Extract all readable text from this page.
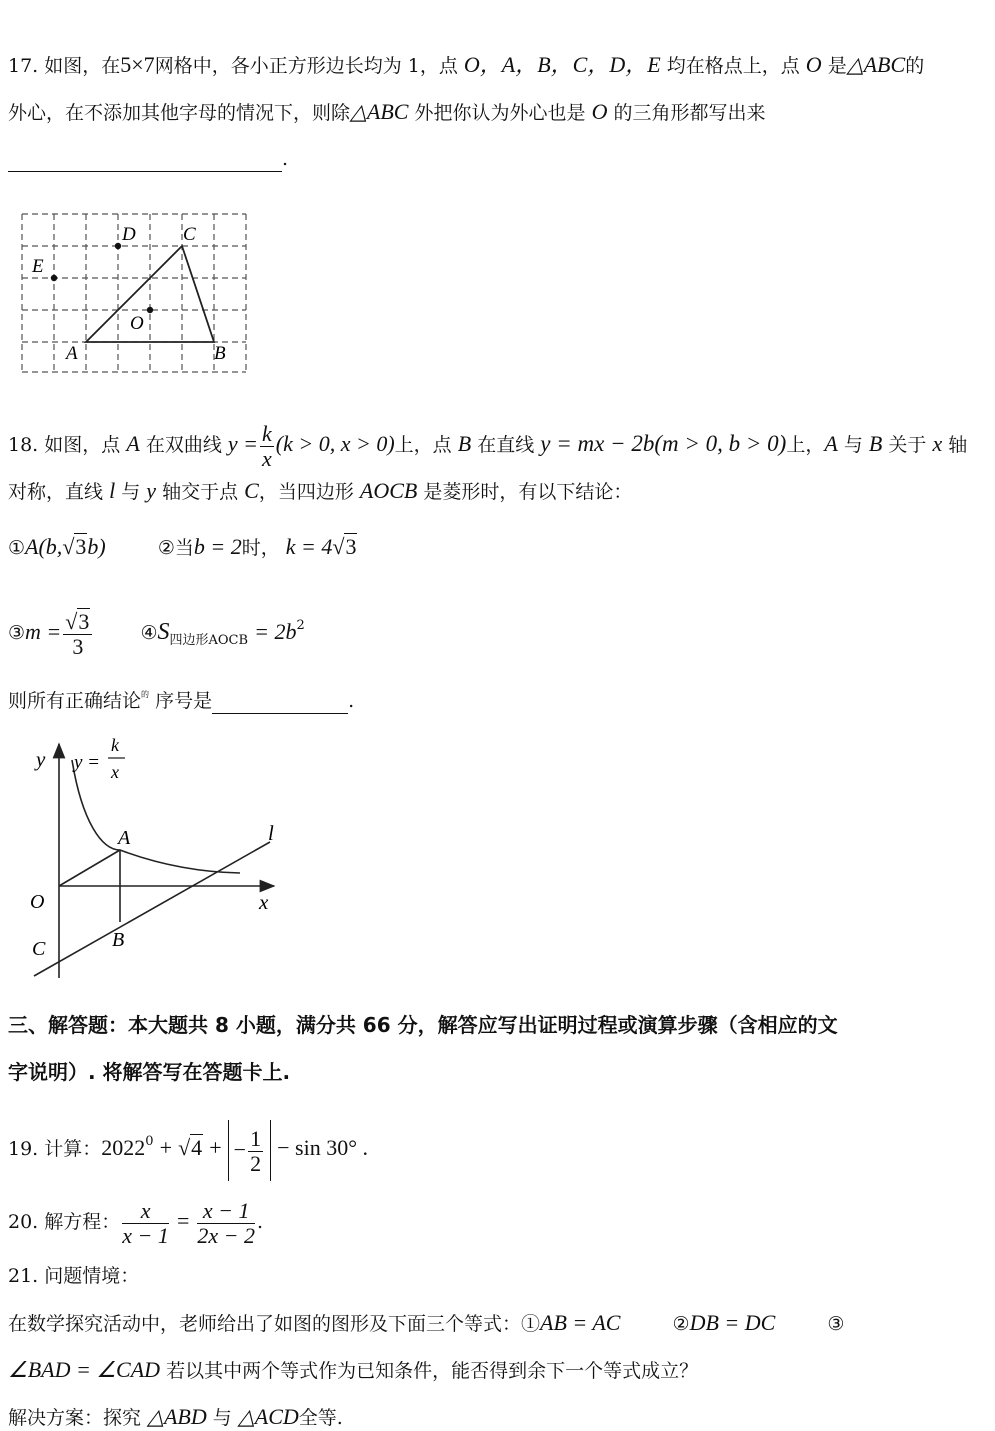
17. 如图，在5×7网格中，各小正方形边长均为 1，点 O，A，B，C，D，E 均在格点上，点 O 是△ABC的
外心，在不添加其他字母的情况下，则除△ABC 外把你认为外心也是 O 的三角形都写出来
.
D C
E
O
A	B
18. 如图，点 A 在双曲线 $y = \frac{k}{x} (k > 0$, x > 0)上，点 B 在直线 y = mx − 2b(m > 0, b > 0)上，A 与 B 关于 x 轴
对称，直线 l 与 y 轴交于点 C，当四边形 AOCB 是菱形时，有以下结论：
①A(b,√3b)	②当b = 2时， k = 4√3
③m = $\frac{√3}{3}$	$④S_{四边形AOCB} = 2b^2$
则所有正确结论$^的$ 序号是	.
y y =
k
x
A	l
O	x
B
C
三、解答题：本大题共 8 小题，满分共 66 分，解答应写出证明过程或演算步骤（含相应的文
字说明）. 将解答写在答题卡上.
19. 计算：$2022^0 + √4$ + − $\frac{1}{2} - \sin 30^\circ$ .
20. 解方程： $\frac{x}{x - 1} = \frac{x - 1}{2x - 2}$ .
21. 问题情境：
在数学探究活动中，老师给出了如图的图形及下面三个等式：①AB = AC	②DB = DC	③
∠BAD = ∠CAD 若以其中两个等式作为已知条件，能否得到余下一个等式成立？
解决方案：探究 △ABD 与 △ACD全等.
